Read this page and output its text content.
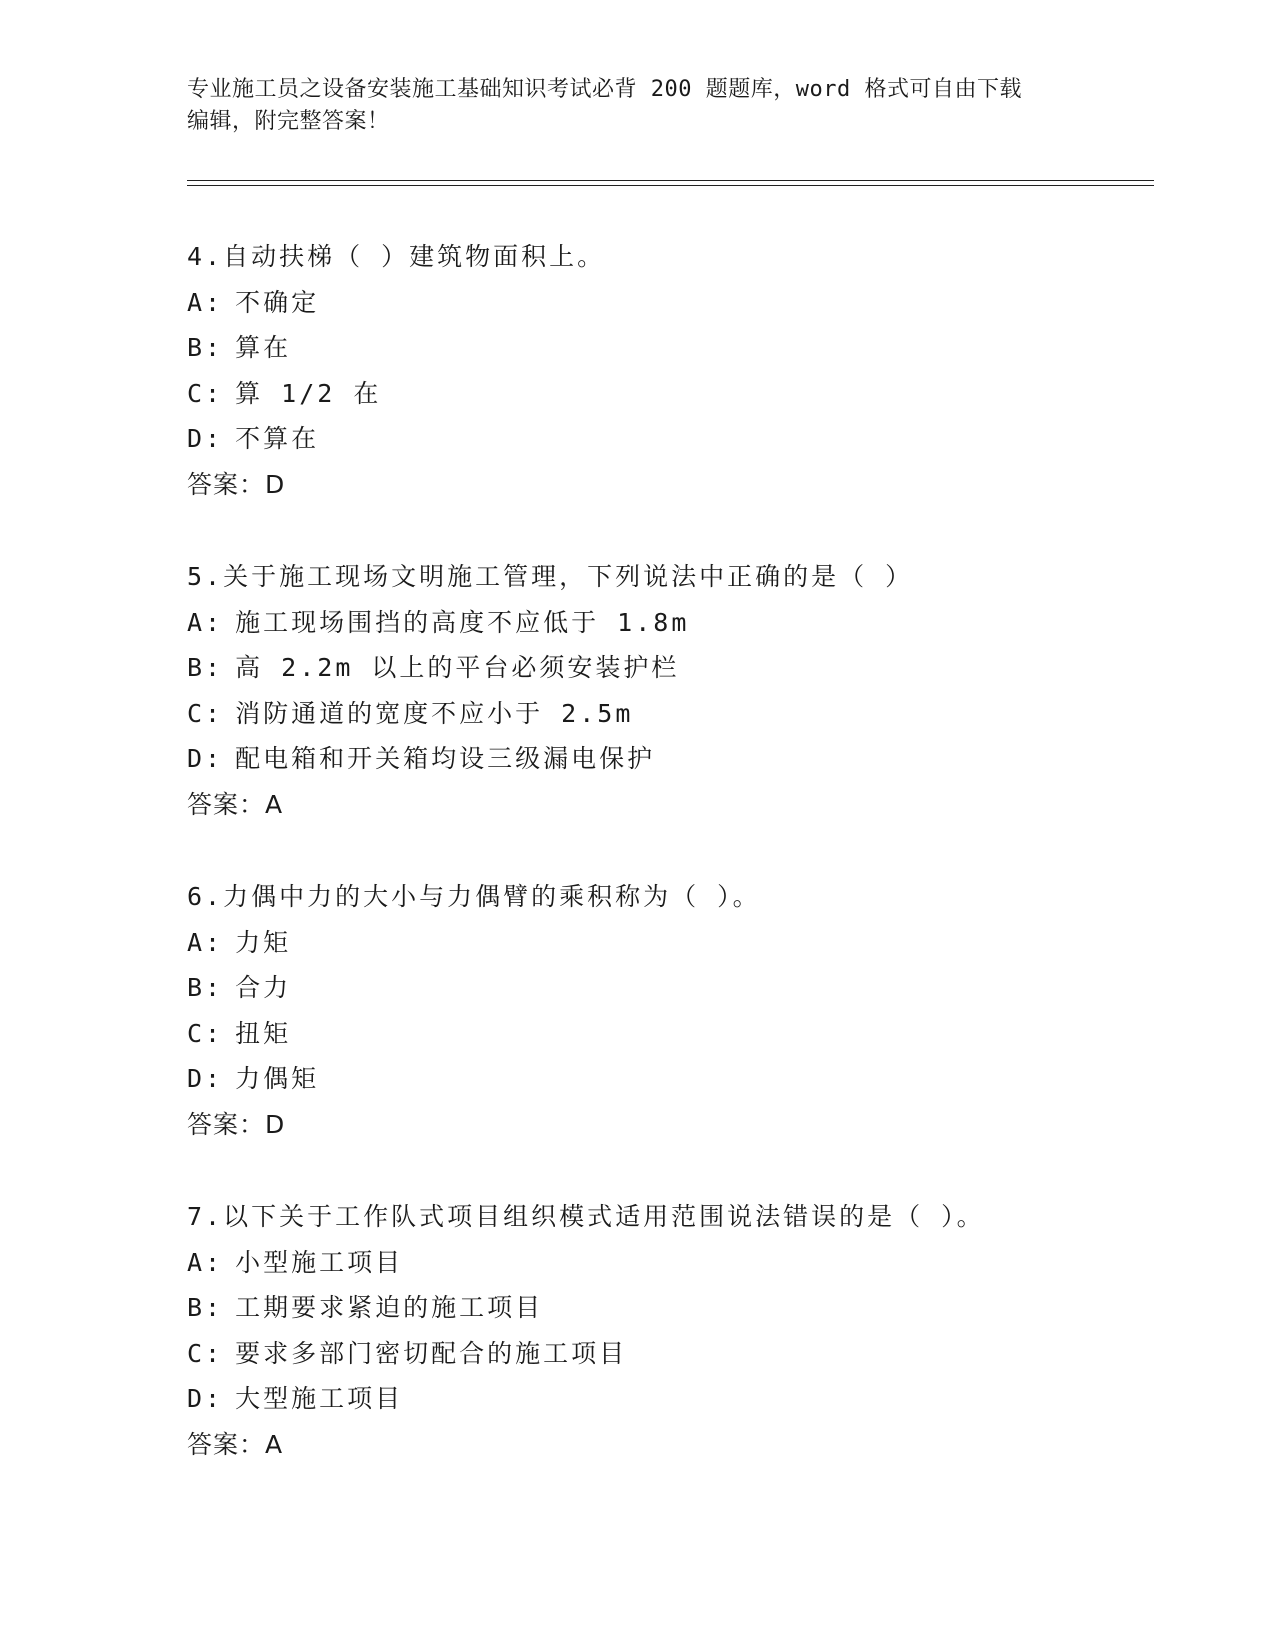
专业施工员之设备安装施工基础知识考试必背 200 题题库，word 格式可自由下载
编辑，附完整答案！
4.自动扶梯（ ）建筑物面积上。
A: 不确定
B: 算在
C: 算 1/2 在
D: 不算在
答案：D
5.关于施工现场文明施工管理，下列说法中正确的是（ ）
A: 施工现场围挡的高度不应低于 1.8m
B: 高 2.2m 以上的平台必须安装护栏
C: 消防通道的宽度不应小于 2.5m
D: 配电箱和开关箱均设三级漏电保护
答案：A
6.力偶中力的大小与力偶臂的乘积称为（ ）。
A: 力矩
B: 合力
C: 扭矩
D: 力偶矩
答案：D
7.以下关于工作队式项目组织模式适用范围说法错误的是（ ）。
A: 小型施工项目
B: 工期要求紧迫的施工项目
C: 要求多部门密切配合的施工项目
D: 大型施工项目
答案：A
